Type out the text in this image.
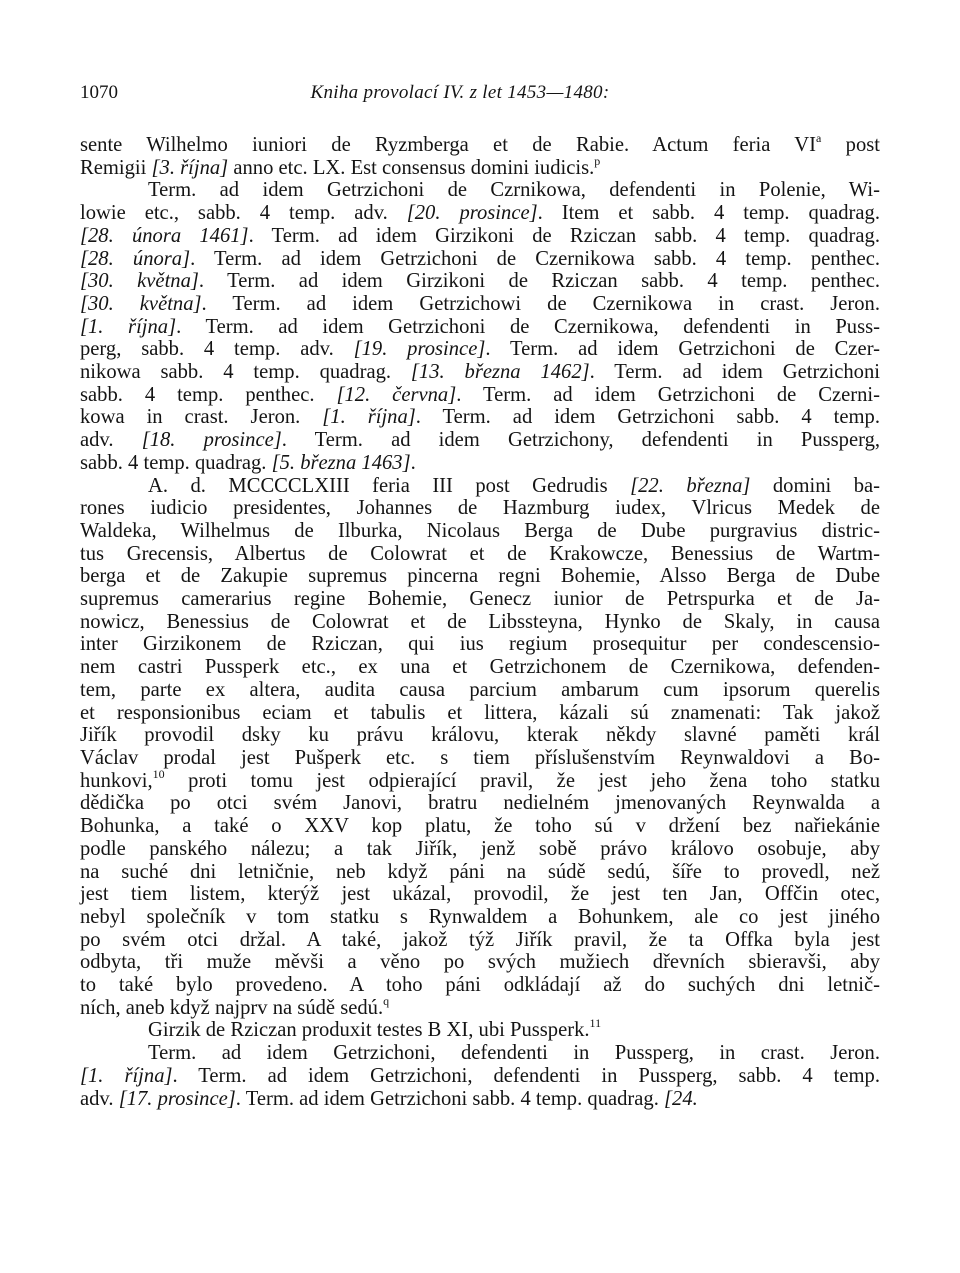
1070	Kniha provolací IV. z let 1453—1480:

sente Wilhelmo iuniori de Ryzmberga et de Rabie. Actum feria $VI^a$ post
Remigii [3. října] anno etc. LX. Est consensus domini iudicis.$^p$

Term. ad idem Getrzichoni de Czrnikowa, defendenti in Polenie, Wi-
lowie etc., sabb. 4 temp. adv. [20. prosince]. Item et sabb. 4 temp. quadrag.
[28. února 1461]. Term. ad idem Girzikoni de Rziczan sabb. 4 temp. quadrag.
[28. února]. Term. ad idem Getrzichoni de Czernikowa sabb. 4 temp. penthec.
[30. května]. Term. ad idem Girzikoni de Rziczan sabb. 4 temp. penthec.
[30. května]. Term. ad idem Getrzichowi de Czernikowa in crast. Jeron.
[1. října]. Term. ad idem Getrzichoni de Czernikowa, defendenti in Puss-
perg, sabb. 4 temp. adv. [19. prosince]. Term. ad idem Getrzichoni de Czer-
nikowa sabb. 4 temp. quadrag. [13. března 1462]. Term. ad idem Getrzichoni
sabb. 4 temp. penthec. [12. června]. Term. ad idem Getrzichoni de Czerni-
kowa in crast. Jeron. [1. října]. Term. ad idem Getrzichoni sabb. 4 temp.
adv. [18. prosince]. Term. ad idem Getrzichony, defendenti in Pussperg,
sabb. 4 temp. quadrag. [5. března 1463].

A. d. MCCCCLXIII feria III post Gedrudis [22. března] domini ba-
rones iudicio presidentes, Johannes de Hazmburg iudex, Vlricus Medek de
Waldeka, Wilhelmus de Ilburka, Nicolaus Berga de Dube purgravius distric-
tus Grecensis, Albertus de Colowrat et de Krakowcze, Benessius de Wartm-
berga et de Zakupie supremus pincerna regni Bohemie, Alsso Berga de Dube
supremus camerarius regine Bohemie, Genecz iunior de Petrspurka et de Ja-
nowicz, Benessius de Colowrat et de Libssteyna, Hynko de Skaly, in causa
inter Girzikonem de Rziczan, qui ius regium prosequitur per condescensio-
nem castri Pussperk etc., ex una et Getrzichonem de Czernikowa, defenden-
tem, parte ex altera, audita causa parcium ambarum cum ipsorum querelis
et responsionibus eciam et tabulis et littera, kázali sú znamenati: Tak jakož
Jiřík provodil dsky ku právu královu, kterak někdy slavné paměti král
Václav prodal jest Pušperk etc. s tiem příslušenstvím Reynwaldovi a Bo-
hunkovi,$^{10}$ proti tomu jest odpierající pravil, že jest jeho žena toho statku
dědička po otci svém Janovi, bratru nedielném jmenovaných Reynwalda a
Bohunka, a také o XXV kop platu, že toho sú v držení bez nařiekánie
podle panského nálezu; a tak Jiřík, jenž sobě právo královo osobuje, aby
na suché dni letničnie, neb když páni na súdě sedú, šíře to provedl, než
jest tiem listem, kterýž jest ukázal, provodil, že jest ten Jan, Offčin otec,
nebyl společník v tom statku s Rynwaldem a Bohunkem, ale co jest jiného
po svém otci držal. A také, jakož týž Jiřík pravil, že ta Offka byla jest
odbyta, tři muže měvši a věno po svých mužiech dřevních sbieravši, aby
to také bylo provedeno. A toho páni odkládají až do suchých dni letnič-
ních, aneb když najprv na súdě sedú.$^q$

Girzik de Rziczan produxit testes B XI, ubi Pussperk.$^{11}$

Term. ad idem Getrzichoni, defendenti in Pussperg, in crast. Jeron.
[1. října]. Term. ad idem Getrzichoni, defendenti in Pussperg, sabb. 4 temp.
adv. [17. prosince]. Term. ad idem Getrzichoni sabb. 4 temp. quadrag. [24.
